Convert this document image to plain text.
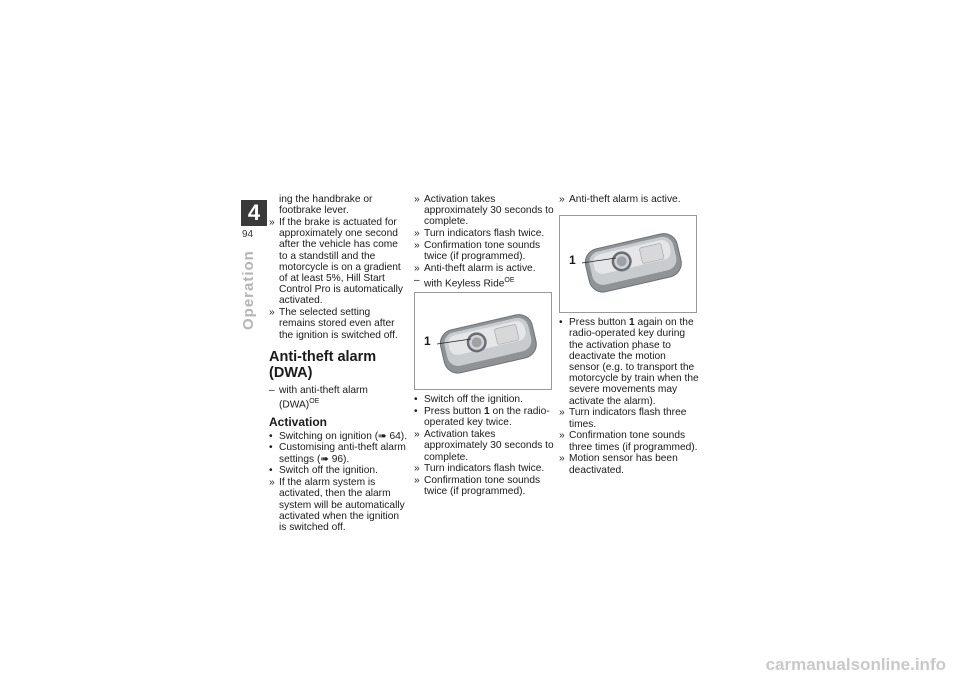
4
94
Operation
ing the handbrake or footbrake lever.
» If the brake is actuated for approximately one second after the vehicle has come to a standstill and the motorcycle is on a gradient of at least 5%, Hill Start Control Pro is automatically activated.
» The selected setting remains stored even after the ignition is switched off.
Anti-theft alarm (DWA)
– with anti-theft alarm (DWA)$^{OE}$
Activation
• Switching on ignition (➠ 64).
• Customising anti-theft alarm settings (➠ 96).
• Switch off the ignition.
» If the alarm system is activated, then the alarm system will be automatically activated when the ignition is switched off.
» Activation takes approximately 30 seconds to complete.
» Turn indicators flash twice.
» Confirmation tone sounds twice (if programmed).
» Anti-theft alarm is active.
– with Keyless Ride$^{OE}$
1
• Switch off the ignition.
• Press button 1 on the radio-operated key twice.
» Activation takes approximately 30 seconds to complete.
» Turn indicators flash twice.
» Confirmation tone sounds twice (if programmed).
» Anti-theft alarm is active.
1
• Press button 1 again on the radio-operated key during the activation phase to deactivate the motion sensor (e.g. to transport the motorcycle by train when the severe movements may activate the alarm).
» Turn indicators flash three times.
» Confirmation tone sounds three times (if programmed).
» Motion sensor has been deactivated.
carmanualsonline.info
